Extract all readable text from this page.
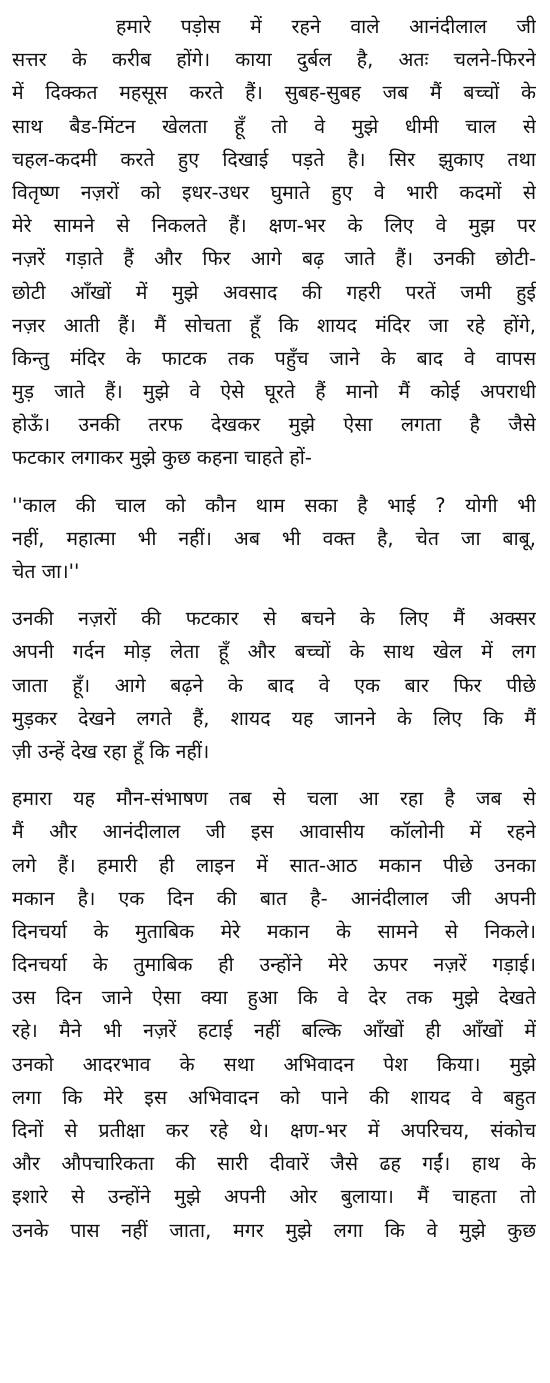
हमारे पड़ोस में रहने वाले आनंदीलाल जी
सत्तर के करीब होंगे। काया दुर्बल है, अतः चलने-फिरने
में दिक्कत महसूस करते हैं। सुबह-सुबह जब मैं बच्चों के
साथ बैड-मिंटन खेलता हूँ तो वे मुझे धीमी चाल से
चहल-कदमी करते हुए दिखाई पड़ते है। सिर झुकाए तथा
वितृष्ण नज़रों को इधर-उधर घुमाते हुए वे भारी कदमों से
मेरे सामने से निकलते हैं। क्षण-भर के लिए वे मुझ पर
नज़रें गड़ाते हैं और फिर आगे बढ़ जाते हैं। उनकी छोटी-
छोटी आँखों में मुझे अवसाद की गहरी परतें जमी हुई
नज़र आती हैं। मैं सोचता हूँ कि शायद मंदिर जा रहे होंगे,
किन्तु मंदिर के फाटक तक पहुँच जाने के बाद वे वापस
मुड़ जाते हैं। मुझे वे ऐसे घूरते हैं मानो मैं कोई अपराधी
होऊँ। उनकी तरफ देखकर मुझे ऐसा लगता है जैसे
फटकार लगाकर मुझे कुछ कहना चाहते हों-
''काल की चाल को कौन थाम सका है भाई ? योगी भी
नहीं, महात्मा भी नहीं। अब भी वक्त है, चेत जा बाबू,
चेत जा।''
उनकी नज़रों की फटकार से बचने के लिए मैं अक्सर
अपनी गर्दन मोड़ लेता हूँ और बच्चों के साथ खेल में लग
जाता हूँ। आगे बढ़ने के बाद वे एक बार फिर पीछे
मुड़कर देखने लगते हैं, शायद यह जानने के लिए कि मैं
ज़ी उन्हें देख रहा हूँ कि नहीं।
हमारा यह मौन-संभाषण तब से चला आ रहा है जब से
मैं और आनंदीलाल जी इस आवासीय कॉलोनी में रहने
लगे हैं। हमारी ही लाइन में सात-आठ मकान पीछे उनका
मकान है। एक दिन की बात है- आनंदीलाल जी अपनी
दिनचर्या के मुताबिक मेरे मकान के सामने से निकले।
दिनचर्या के तुमाबिक ही उन्होंने मेरे ऊपर नज़रें गड़ाई।
उस दिन जाने ऐसा क्या हुआ कि वे देर तक मुझे देखते
रहे। मैने भी नज़रें हटाई नहीं बल्कि आँखों ही आँखों में
उनको आदरभाव के सथा अभिवादन पेश किया। मुझे
लगा कि मेरे इस अभिवादन को पाने की शायद वे बहुत
दिनों से प्रतीक्षा कर रहे थे। क्षण-भर में अपरिचय, संकोच
और औपचारिकता की सारी दीवारें जैसे ढह गईं। हाथ के
इशारे से उन्होंने मुझे अपनी ओर बुलाया। मैं चाहता तो
उनके पास नहीं जाता, मगर मुझे लगा कि वे मुझे कुछ
